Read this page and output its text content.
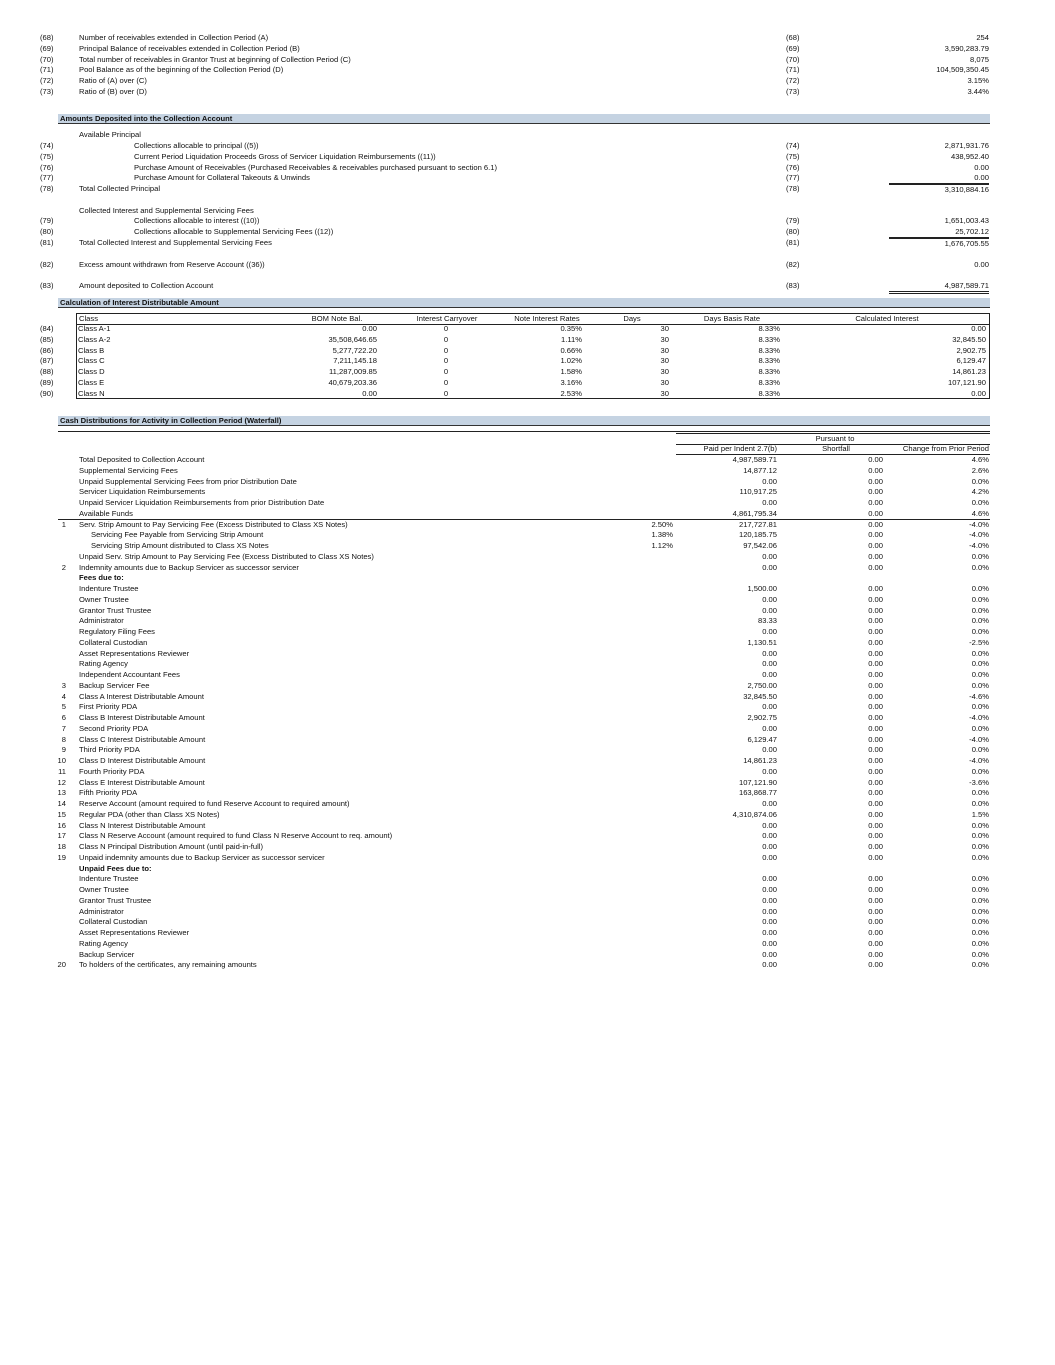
(68)	Number of receivables extended in Collection Period (A)	(68)	254
(69)	Principal Balance of receivables extended in Collection Period (B)	(69)	3,590,283.79
(70)	Total number of receivables in Grantor Trust at beginning of Collection Period (C)	(70)	8,075
(71)	Pool Balance as of the beginning of the Collection Period (D)	(71)	104,509,350.45
(72)	Ratio of (A) over (C)	(72)	3.15%
(73)	Ratio of (B) over (D)	(73)	3.44%
Amounts Deposited into the Collection Account
Available Principal
(74)	Collections allocable to principal ((5))	(74)	2,871,931.76
(75)	Current Period Liquidation Proceeds Gross of Servicer Liquidation Reimbursements ((11))	(75)	438,952.40
(76)	Purchase Amount of Receivables (Purchased Receivables & receivables purchased pursuant to section 6.1)	(76)	0.00
(77)	Purchase Amount for Collateral Takeouts & Unwinds	(77)	0.00
(78)	Total Collected Principal	(78)	3,310,884.16
Collected Interest and Supplemental Servicing Fees
(79)	Collections allocable to interest ((10))	(79)	1,651,003.43
(80)	Collections allocable to Supplemental Servicing Fees ((12))	(80)	25,702.12
(81)	Total Collected Interest and Supplemental Servicing Fees	(81)	1,676,705.55
(82)	Excess amount withdrawn from Reserve Account ((36))	(82)	0.00
(83)	Amount deposited to Collection Account	(83)	4,987,589.71
Calculation of Interest Distributable Amount
Class	BOM Note Bal.	Interest Carryover	Note Interest Rates	Days	Days Basis Rate	Calculated Interest
(84)	Class A-1	0.00	0	0.35%	30	8.33%	0.00
(85)	Class A-2	35,508,646.65	0	1.11%	30	8.33%	32,845.50
(86)	Class B	5,277,722.20	0	0.66%	30	8.33%	2,902.75
(87)	Class C	7,211,145.18	0	1.02%	30	8.33%	6,129.47
(88)	Class D	11,287,009.85	0	1.58%	30	8.33%	14,861.23
(89)	Class E	40,679,203.36	0	3.16%	30	8.33%	107,121.90
(90)	Class N	0.00	0	2.53%	30	8.33%	0.00
Cash Distributions for Activity in Collection Period (Waterfall)
Pursuant to
Paid per Indent 2.7(b)	Shortfall	Change from Prior Period
Total Deposited to Collection Account	4,987,589.71	0.00	4.6%
Supplemental Servicing Fees	14,877.12	0.00	2.6%
Unpaid Supplemental Servicing Fees from prior Distribution Date	0.00	0.00	0.0%
Servicer Liquidation Reimbursements	110,917.25	0.00	4.2%
Unpaid Servicer Liquidation Reimbursements from prior Distribution Date	0.00	0.00	0.0%
Available Funds	4,861,795.34	0.00	4.6%
1 Serv. Strip Amount to Pay Servicing Fee (Excess Distributed to Class XS Notes)	2.50%	217,727.81	0.00	-4.0%
Servicing Fee Payable from Servicing Strip Amount	1.38%	120,185.75	0.00	-4.0%
Servicing Strip Amount distributed to Class XS Notes	1.12%	97,542.06	0.00	-4.0%
Unpaid Serv. Strip Amount to Pay Servicing Fee (Excess Distributed to Class XS Notes)	0.00	0.00	0.0%
2 Indemnity amounts due to Backup Servicer as successor servicer	0.00	0.00	0.0%
Fees due to:
Indenture Trustee	1,500.00	0.00	0.0%
Owner Trustee	0.00	0.00	0.0%
Grantor Trust Trustee	0.00	0.00	0.0%
Administrator	83.33	0.00	0.0%
Regulatory Filing Fees	0.00	0.00	0.0%
Collateral Custodian	1,130.51	0.00	-2.5%
Asset Representations Reviewer	0.00	0.00	0.0%
Rating Agency	0.00	0.00	0.0%
Independent Accountant Fees	0.00	0.00	0.0%
3 Backup Servicer Fee	2,750.00	0.00	0.0%
4 Class A Interest Distributable Amount	32,845.50	0.00	-4.6%
5 First Priority PDA	0.00	0.00	0.0%
6 Class B Interest Distributable Amount	2,902.75	0.00	-4.0%
7 Second Priority PDA	0.00	0.00	0.0%
8 Class C Interest Distributable Amount	6,129.47	0.00	-4.0%
9 Third Priority PDA	0.00	0.00	0.0%
10 Class D Interest Distributable Amount	14,861.23	0.00	-4.0%
11 Fourth Priority PDA	0.00	0.00	0.0%
12 Class E Interest Distributable Amount	107,121.90	0.00	-3.6%
13 Fifth Priority PDA	163,868.77	0.00	0.0%
14 Reserve Account (amount required to fund Reserve Account to required amount)	0.00	0.00	0.0%
15 Regular PDA (other than Class XS Notes)	4,310,874.06	0.00	1.5%
16 Class N Interest Distributable Amount	0.00	0.00	0.0%
17 Class N Reserve Account (amount required to fund Class N Reserve Account to req. amount)	0.00	0.00	0.0%
18 Class N Principal Distribution Amount (until paid-in-full)	0.00	0.00	0.0%
19 Unpaid indemnity amounts due to Backup Servicer as successor servicer	0.00	0.00	0.0%
Unpaid Fees due to:
Indenture Trustee	0.00	0.00	0.0%
Owner Trustee	0.00	0.00	0.0%
Grantor Trust Trustee	0.00	0.00	0.0%
Administrator	0.00	0.00	0.0%
Collateral Custodian	0.00	0.00	0.0%
Asset Representations Reviewer	0.00	0.00	0.0%
Rating Agency	0.00	0.00	0.0%
Backup Servicer	0.00	0.00	0.0%
20 To holders of the certificates, any remaining amounts	0.00	0.00	0.0%
